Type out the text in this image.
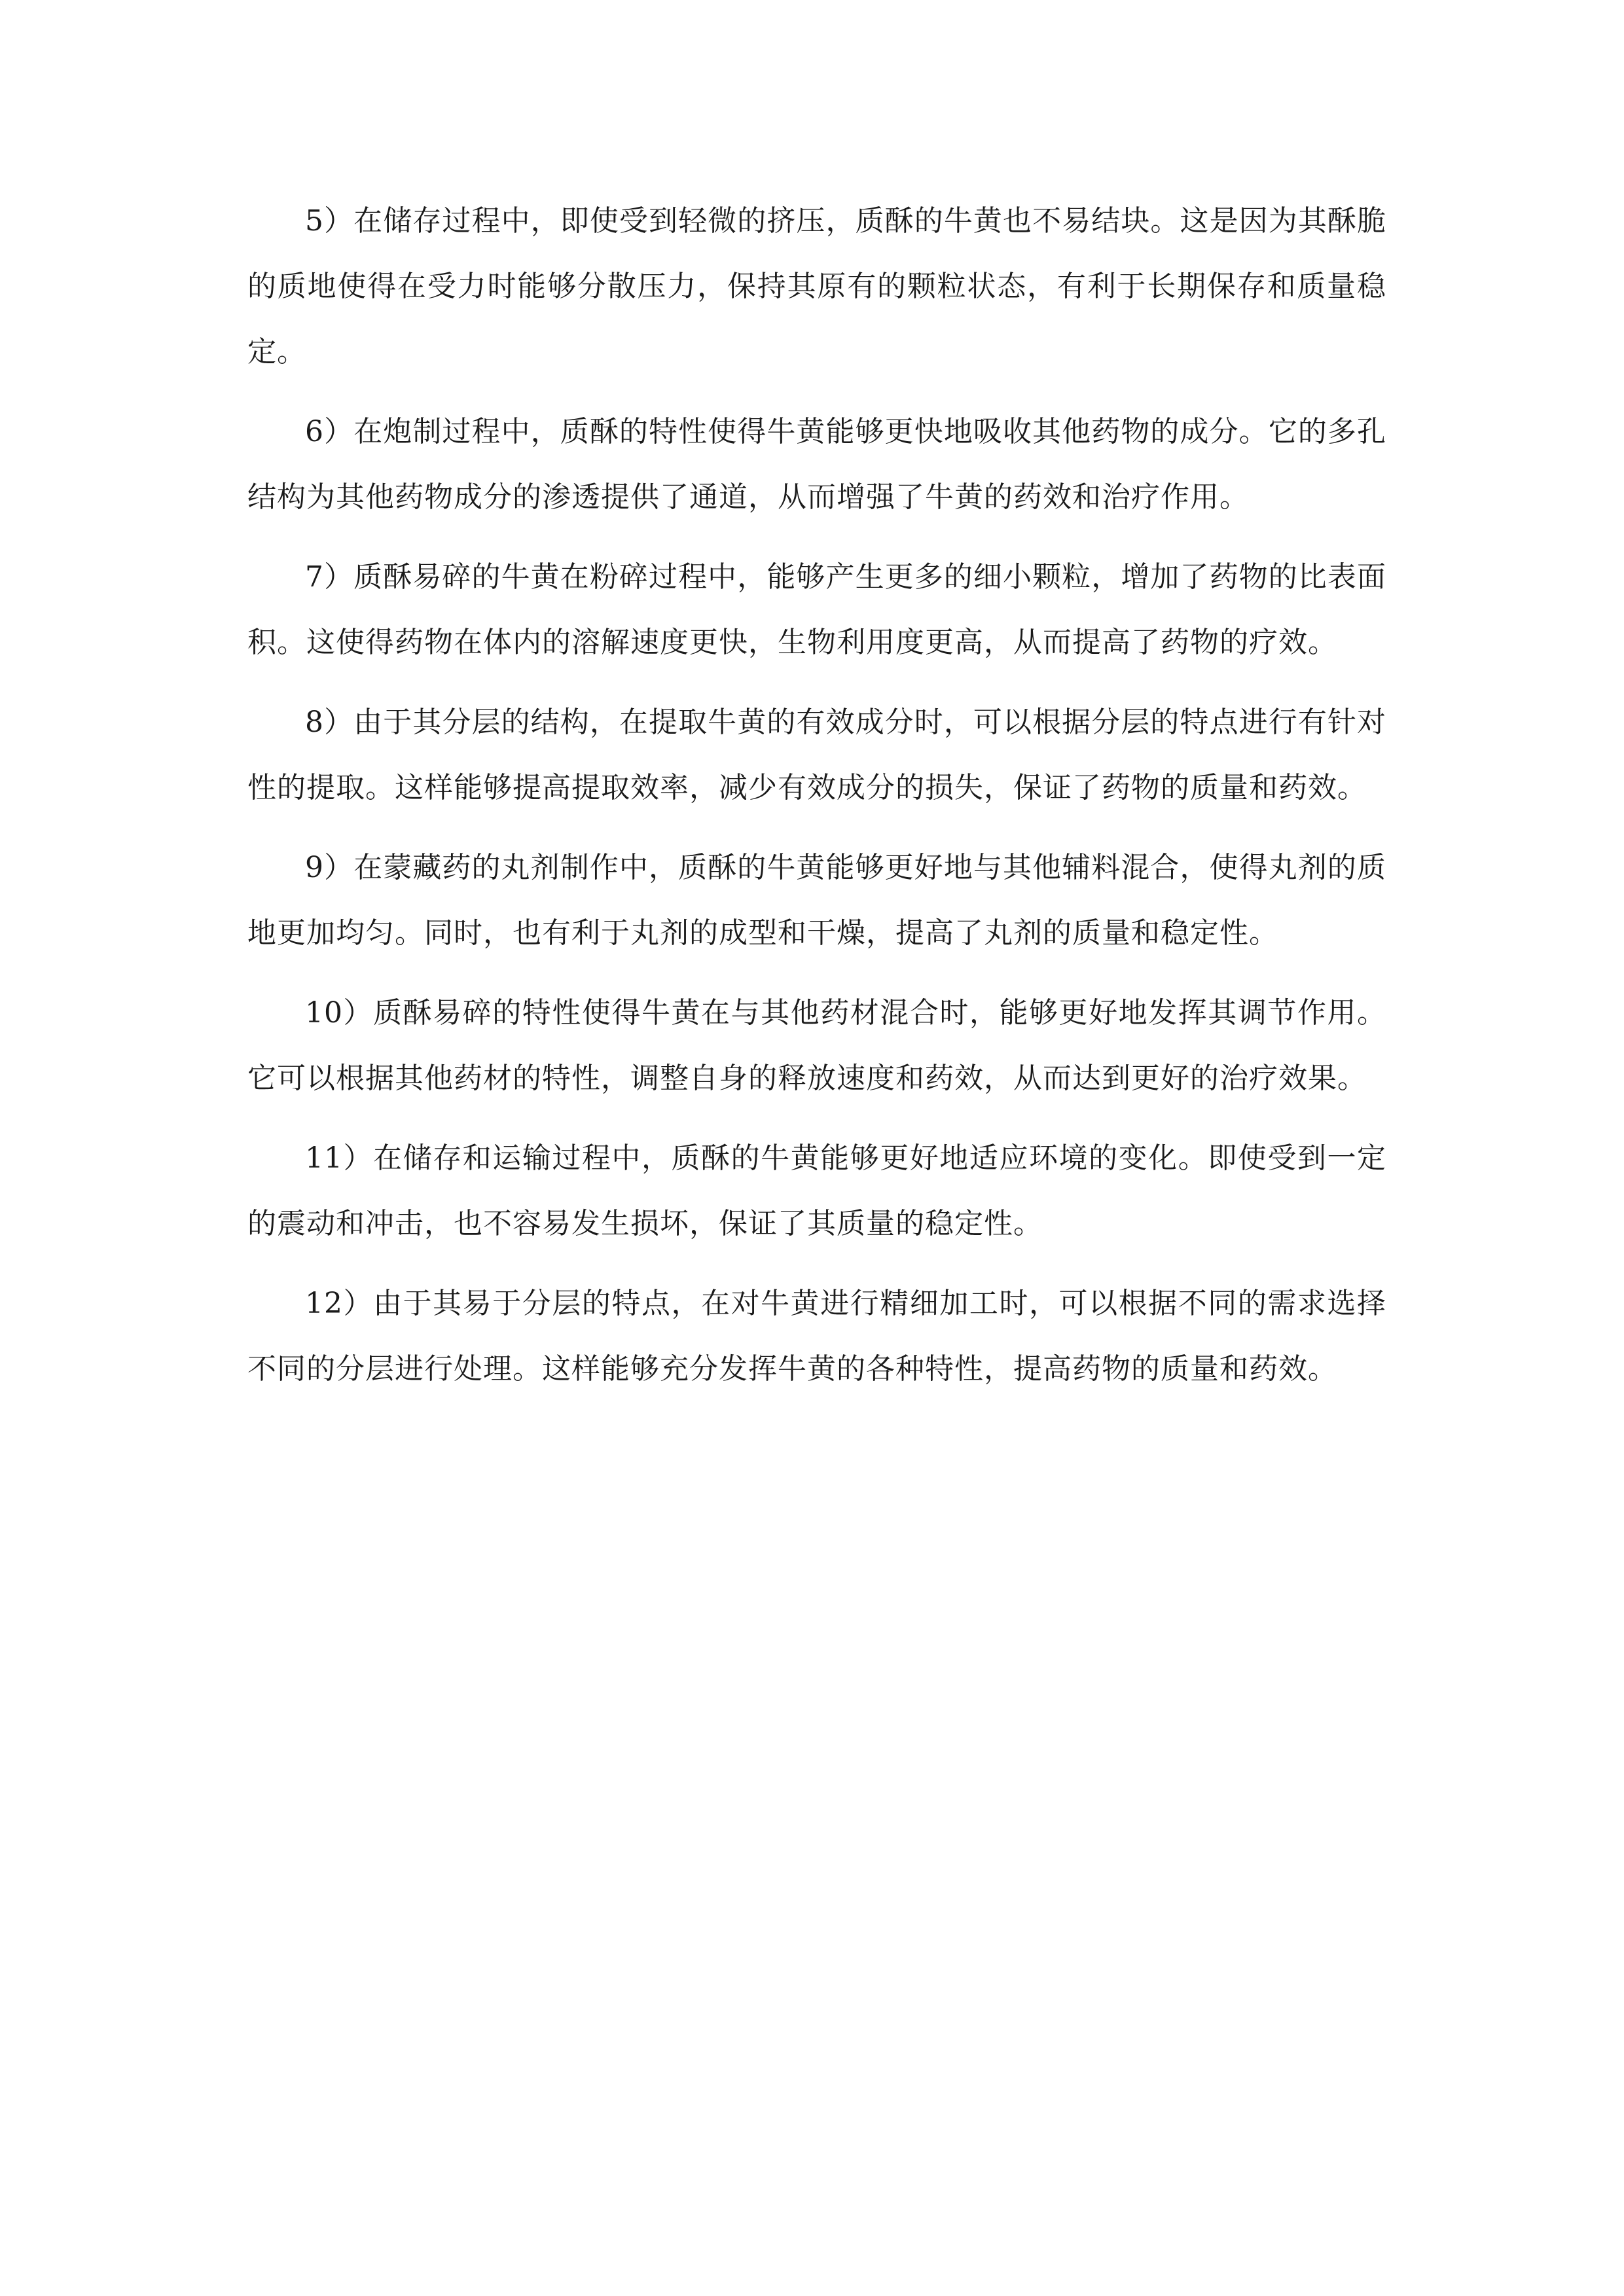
5）在储存过程中，即使受到轻微的挤压，质酥的牛黄也不易结块。这是因为其酥脆的质地使得在受力时能够分散压力，保持其原有的颗粒状态，有利于长期保存和质量稳定。

6）在炮制过程中，质酥的特性使得牛黄能够更快地吸收其他药物的成分。它的多孔结构为其他药物成分的渗透提供了通道，从而增强了牛黄的药效和治疗作用。

7）质酥易碎的牛黄在粉碎过程中，能够产生更多的细小颗粒，增加了药物的比表面积。这使得药物在体内的溶解速度更快，生物利用度更高，从而提高了药物的疗效。

8）由于其分层的结构，在提取牛黄的有效成分时，可以根据分层的特点进行有针对性的提取。这样能够提高提取效率，减少有效成分的损失，保证了药物的质量和药效。

9）在蒙藏药的丸剂制作中，质酥的牛黄能够更好地与其他辅料混合，使得丸剂的质地更加均匀。同时，也有利于丸剂的成型和干燥，提高了丸剂的质量和稳定性。

10）质酥易碎的特性使得牛黄在与其他药材混合时，能够更好地发挥其调节作用。它可以根据其他药材的特性，调整自身的释放速度和药效，从而达到更好的治疗效果。

11）在储存和运输过程中，质酥的牛黄能够更好地适应环境的变化。即使受到一定的震动和冲击，也不容易发生损坏，保证了其质量的稳定性。

12）由于其易于分层的特点，在对牛黄进行精细加工时，可以根据不同的需求选择不同的分层进行处理。这样能够充分发挥牛黄的各种特性，提高药物的质量和药效。
